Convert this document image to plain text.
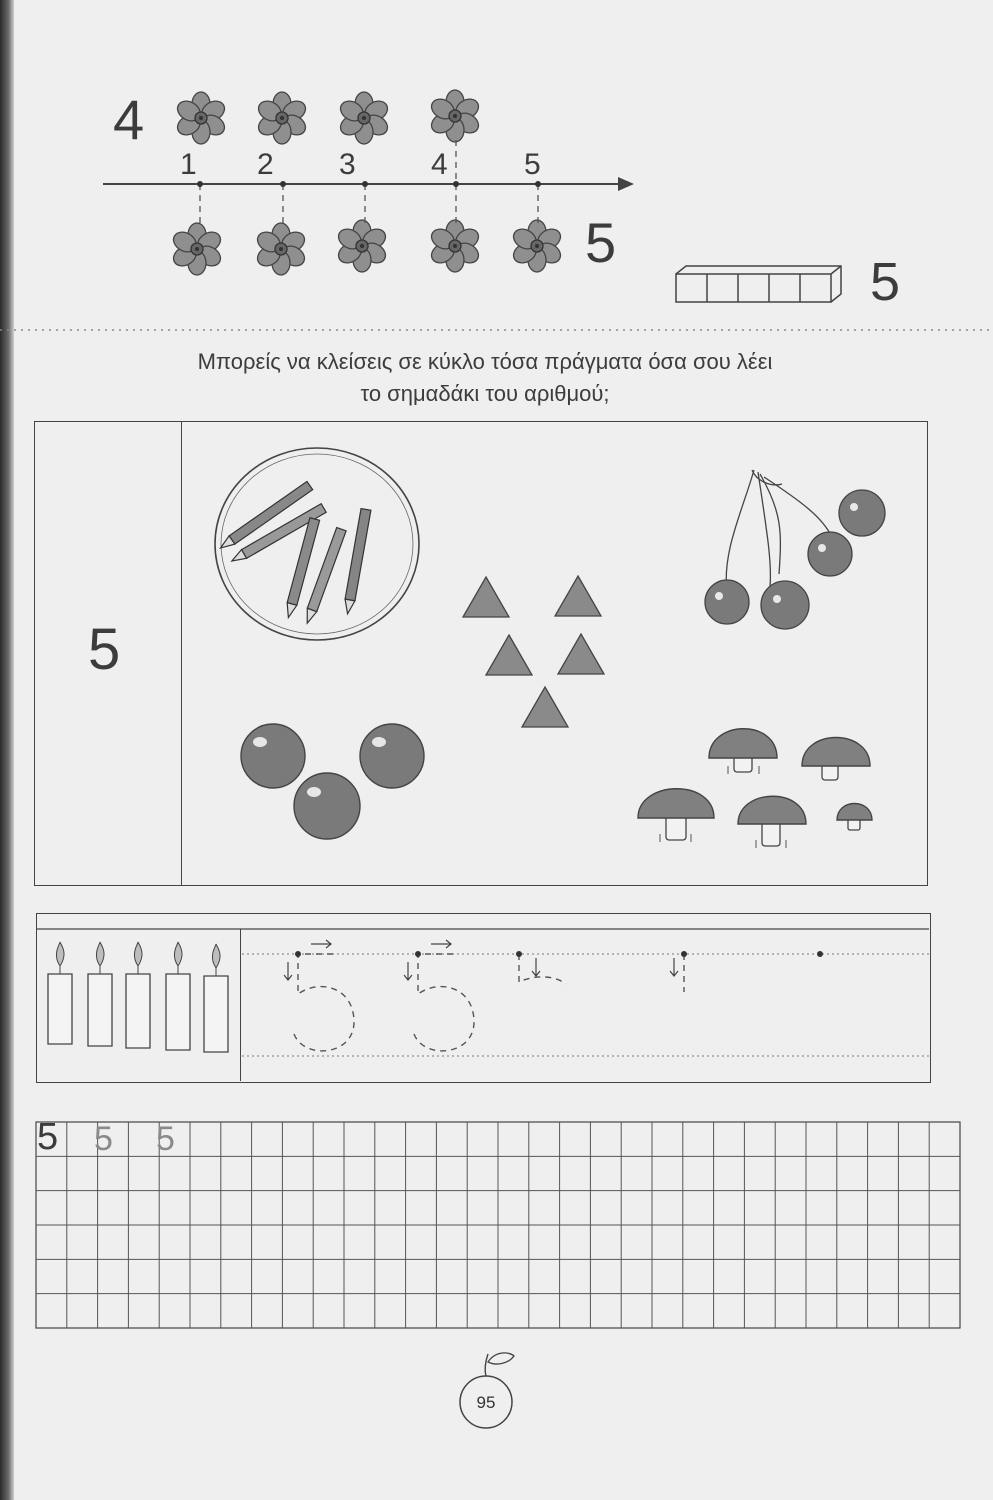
4
5
5
1 2 3	4	5
Μπορείς να κλείσεις σε κύκλο τόσα πράγματα όσα σου λέει
το σημαδάκι του αριθμού;
5
5 5 5
95
